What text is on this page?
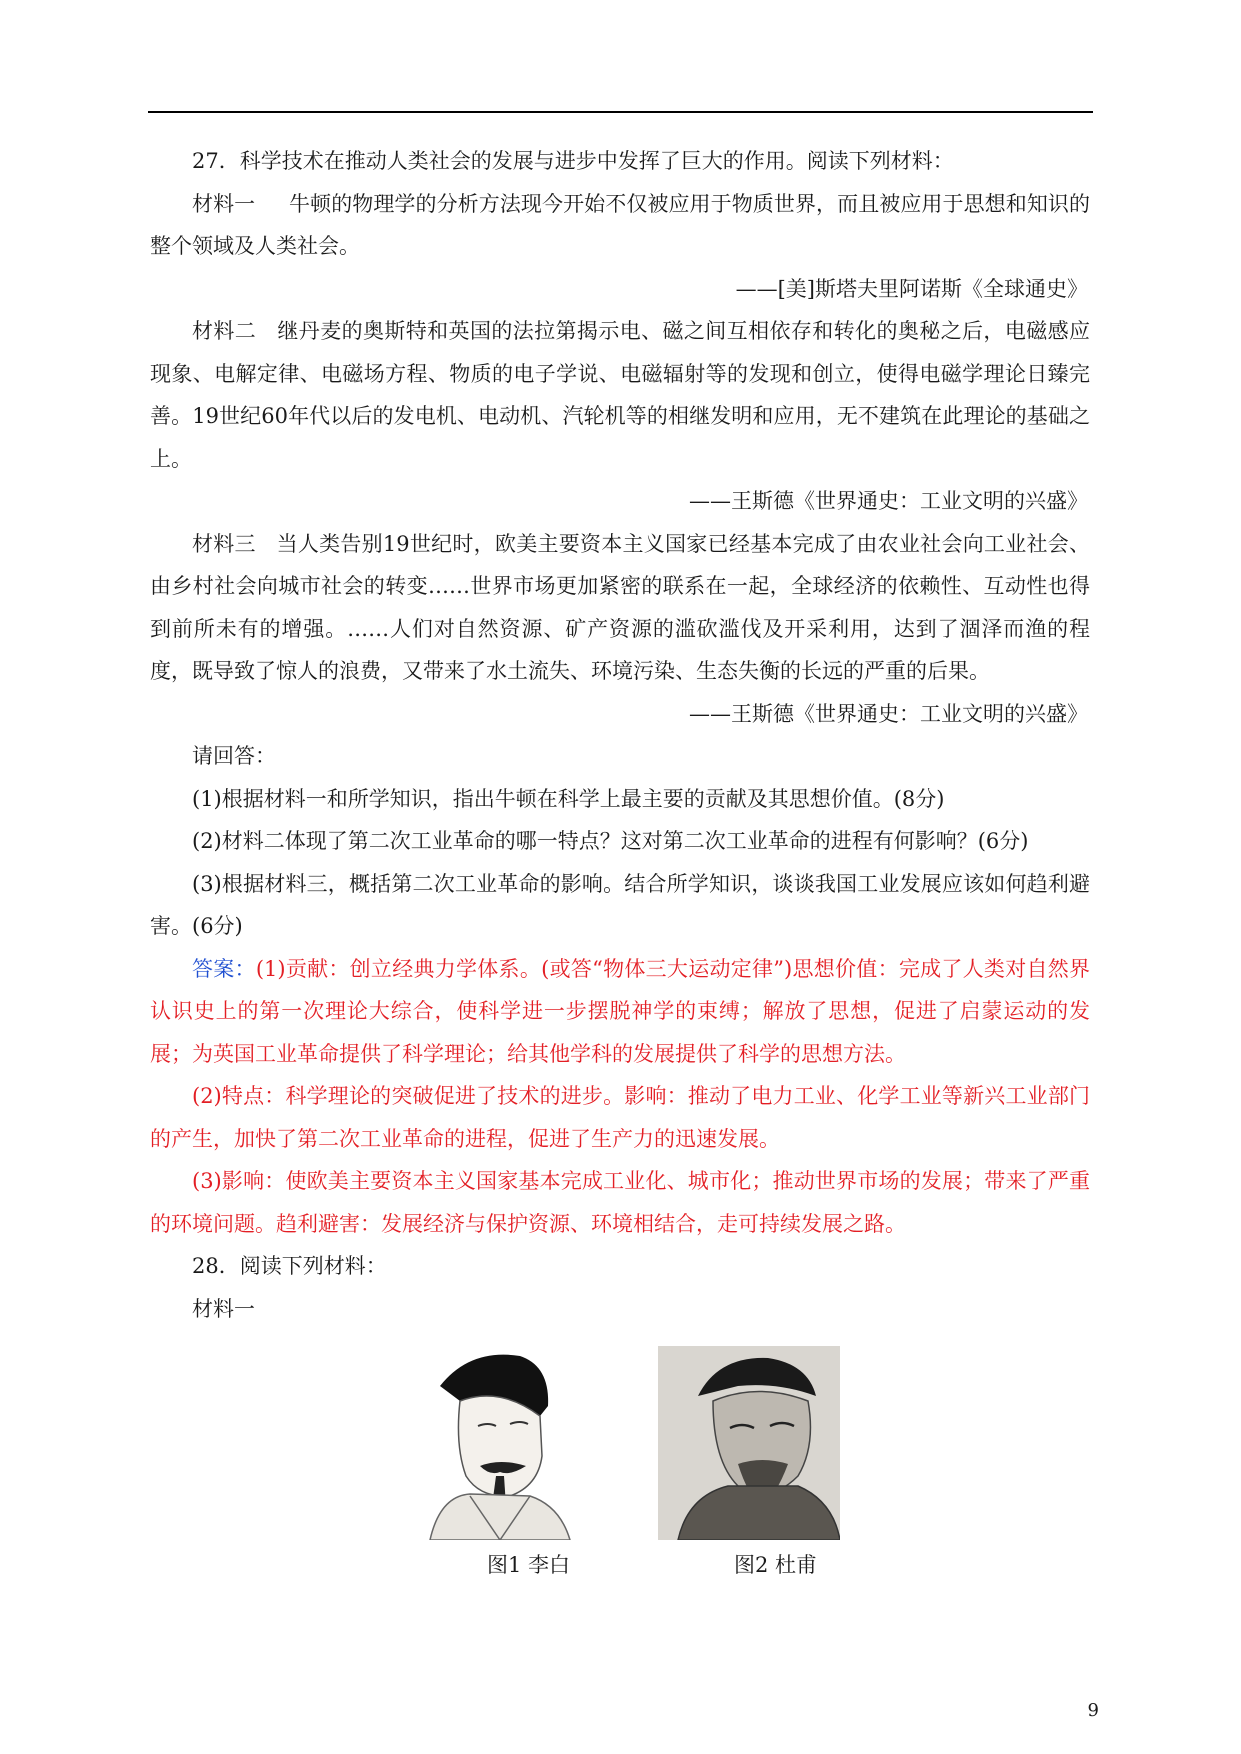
27．科学技术在推动人类社会的发展与进步中发挥了巨大的作用。阅读下列材料：

材料一 牛顿的物理学的分析方法现今开始不仅被应用于物质世界，而且被应用于思想和知识的整个领域及人类社会。

——[美]斯塔夫里阿诺斯《全球通史》

材料二 继丹麦的奥斯特和英国的法拉第揭示电、磁之间互相依存和转化的奥秘之后，电磁感应现象、电解定律、电磁场方程、物质的电子学说、电磁辐射等的发现和创立，使得电磁学理论日臻完善。19世纪60年代以后的发电机、电动机、汽轮机等的相继发明和应用，无不建筑在此理论的基础之上。

——王斯德《世界通史：工业文明的兴盛》

材料三 当人类告别19世纪时，欧美主要资本主义国家已经基本完成了由农业社会向工业社会、由乡村社会向城市社会的转变……世界市场更加紧密的联系在一起，全球经济的依赖性、互动性也得到前所未有的增强。……人们对自然资源、矿产资源的滥砍滥伐及开采利用，达到了涸泽而渔的程度，既导致了惊人的浪费，又带来了水土流失、环境污染、生态失衡的长远的严重的后果。

——王斯德《世界通史：工业文明的兴盛》

请回答：

(1)根据材料一和所学知识，指出牛顿在科学上最主要的贡献及其思想价值。(8分)

(2)材料二体现了第二次工业革命的哪一特点？这对第二次工业革命的进程有何影响？(6分)

(3)根据材料三，概括第二次工业革命的影响。结合所学知识，谈谈我国工业发展应该如何趋利避害。(6分)

答案：(1)贡献：创立经典力学体系。(或答“物体三大运动定律”)思想价值：完成了人类对自然界认识史上的第一次理论大综合，使科学进一步摆脱神学的束缚；解放了思想，促进了启蒙运动的发展；为英国工业革命提供了科学理论；给其他学科的发展提供了科学的思想方法。

(2)特点：科学理论的突破促进了技术的进步。影响：推动了电力工业、化学工业等新兴工业部门的产生，加快了第二次工业革命的进程，促进了生产力的迅速发展。

(3)影响：使欧美主要资本主义国家基本完成工业化、城市化；推动世界市场的发展；带来了严重的环境问题。趋利避害：发展经济与保护资源、环境相结合，走可持续发展之路。

28．阅读下列材料：

材料一

图1 李白	图2 杜甫
9
